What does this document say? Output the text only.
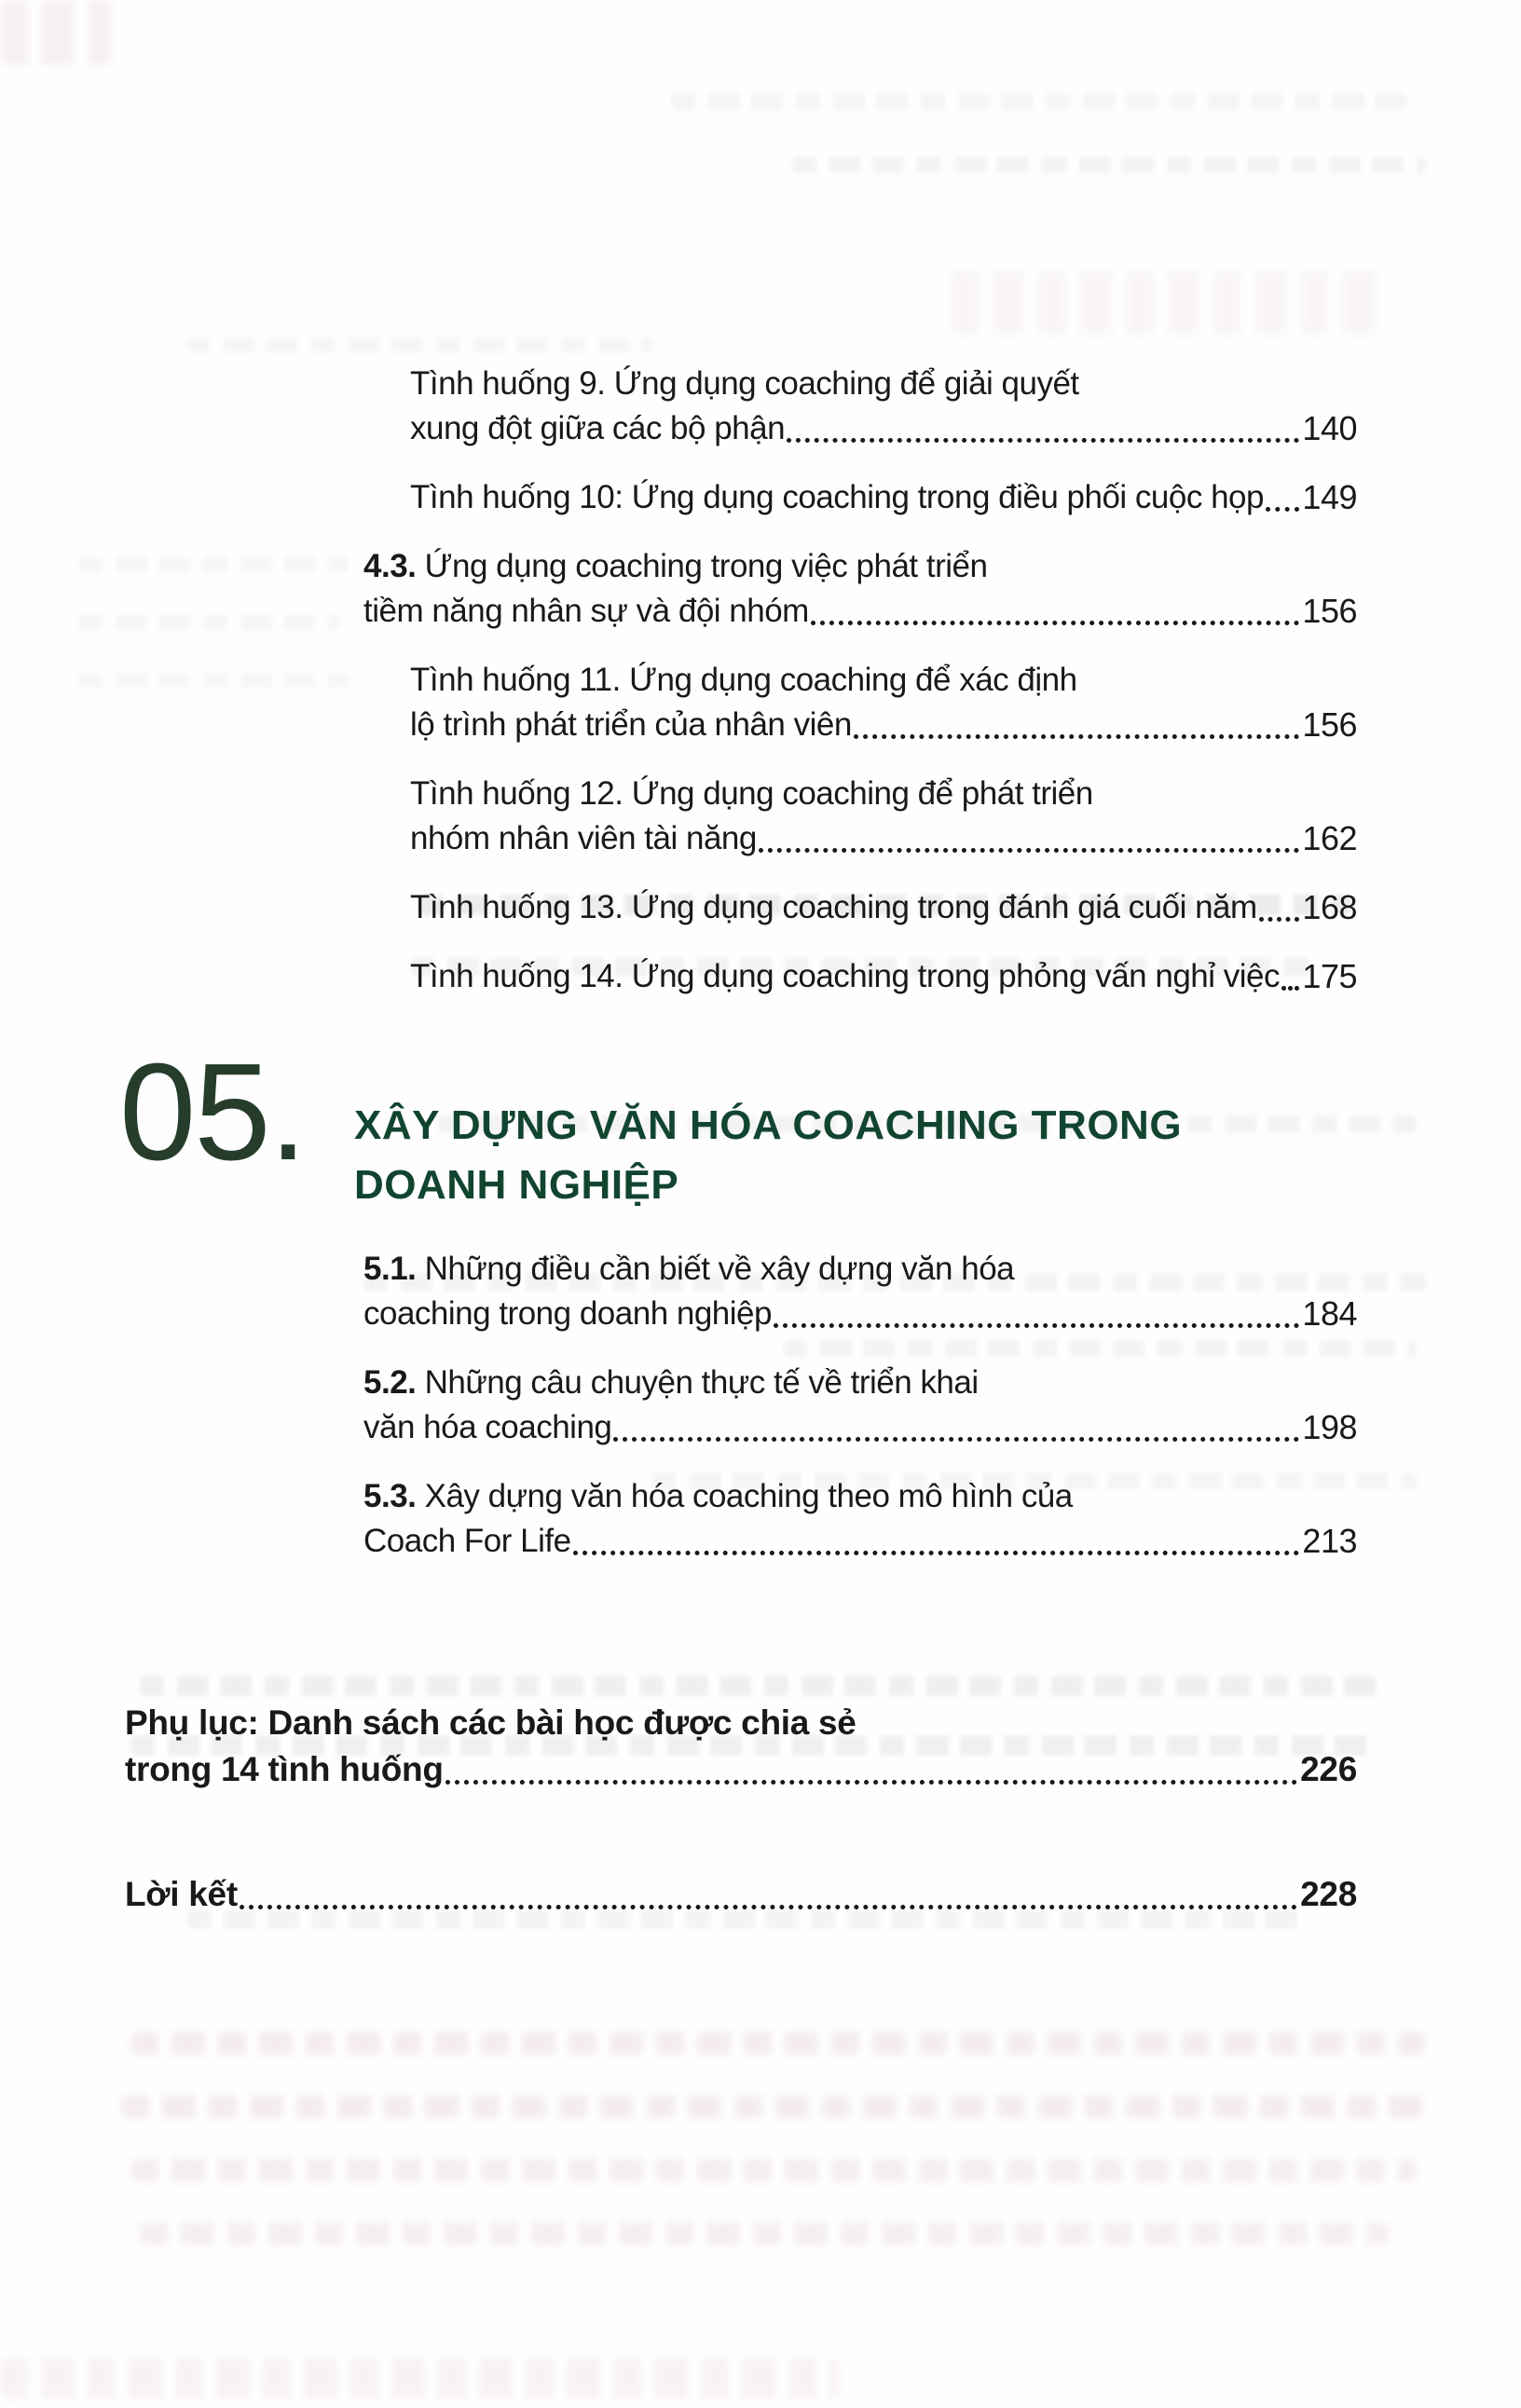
Tình huống 9. Ứng dụng coaching để giải quyết
xung đột giữa các bộ phận	140
Tình huống 10: Ứng dụng coaching trong điều phối cuộc họp 149
4.3. Ứng dụng coaching trong việc phát triển
tiềm năng nhân sự và đội nhóm	156
Tình huống 11. Ứng dụng coaching để xác định
lộ trình phát triển của nhân viên	156
Tình huống 12. Ứng dụng coaching để phát triển
nhóm nhân viên tài năng	162
Tình huống 13. Ứng dụng coaching trong đánh giá cuối năm 168
Tình huống 14. Ứng dụng coaching trong phỏng vấn nghỉ việc 175
05.	XÂY DỰNG VĂN HÓA COACHING TRONG
DOANH NGHIỆP
5.1. Những điều cần biết về xây dựng văn hóa
coaching trong doanh nghiệp	184
5.2. Những câu chuyện thực tế về triển khai
văn hóa coaching	198
5.3. Xây dựng văn hóa coaching theo mô hình của
Coach For Life	213
Phụ lục: Danh sách các bài học được chia sẻ
trong 14 tình huống	226
Lời kết	228
